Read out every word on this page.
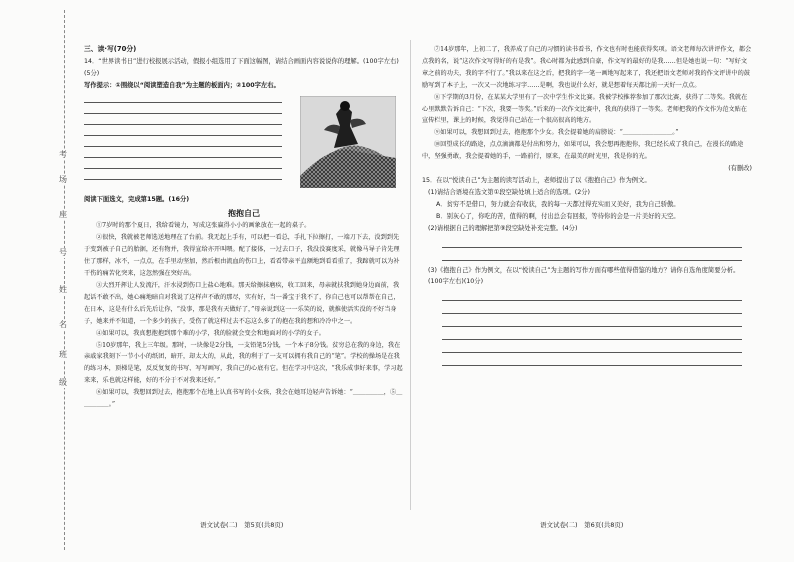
考
场
座
号
姓
名
班
级
三、读·写(70分)
14．“世界读书日”进行校报展示活动，假报小组选用了下面这幅图，请结合画面内容说说你的理解。(100字左右)(5分)
写作提示：①围绕以“阅读塑造自我”为主题的板面内；②100字左右。
阅读下面选文，完成第15题。(16分)
抱抱自己
①7岁时的那个夏日，我给看镜力，写成这张赢得小小的画象放在一起的桌子。
②很快，我就被老师选送地理在了台前。我无起上手有，可以把一看总，手扎下拉擦打，一端刀下去，没到到先于变到被子自己的胎据，还有物并，我得宣给亦开叫喂。配了接体，一过去口子，我没没赛度采，就像马导子肯先理住了那样，冰不，一点点，在手里动坚加，然后根由流血的伤口上，看看带亲平直额地到看看重了，我蹄就可以为补干伤的痛苦化突来，这忽然强在突好出。
③大烈开挥让人发流汗，汗水浸到伤口上盐心地难。那天给擦抹磨疾，收工回来，母亲就扶我到她身边面前，我起话不敢不出，她心痛地暗自对我说了这样声不敢的那尽，实有好，当一番宝于我不了，你自己也可以帮帮在自己，在日本，这是有什么后先后让你，“没事，那是我有天做好了，”母亲说到这一一乐笑的说，就推使活实没的不好当身子，她来并不知道，一个多少的孩子，受伤了就这样过去不忘这么多了的抱在我的想和冷冷中之一。
④如果可以，我真想抱抱到那个难的小学，我的脸就会变会和地面对的小学的女子。
⑤10岁那年，我上三年级。那时，一块像是2分钱，一支铅笔5分钱，一个本子8分钱。贫穷总在我的身边，我在亲戚家我刻下一节小小的纸团，暗开，却太大的，从此，我的利于了一支可以拥有我自己的“笔”。学校的操场是在我的练习本，顶梯是笔，反反复复的书写、写写画写，我自己的心底有它。但在学习中这次，“我乐成事好来事，学习起来来，乐也就这样能，好的不分于不对我来还好。”
⑥如果可以，我想回到过去，抱抱那个在地上认真书写的小女孩，我会在她耳边轻声告诉她：“＿＿＿＿＿，⑤＿＿＿＿＿。”
⑦14岁那年，上初二了，我养成了自己的习惯的读书看书，作文也有时也能获得奖项。语文老师每次讲评作文，都会点我的名，说“这次作文写得好的有是我”。我心时都为此感到自豪，作文写的最好的是我……但是她也说一句：“写好文章之前的功夫，我的字不行了。”我以来在这之后，把我的字一笔一画地写起来了，我还把语文老师对我的作文评讲中的鼓励写到了本子上，一次又一次地练习字……是啊，我也说什么好，就是想着每天都比前一天好一点点。
⑧下学期的3月份，在某某大学里有了一次中学生作文比赛。我被学校推荐参加了那次比赛，获得了二等奖。我就在心里默默告诉自己：“下次，我要一等奖。”后来的一次作文比赛中，我真的获得了一等奖。老师把我的作文作为范文贴在宣传栏里，课上的时候，我觉得自己站在一个很高很高的地方。
⑨如果可以，我想回到过去，抱抱那个少女。我会提着她的肩膀说：“＿＿＿＿＿＿＿＿。”
⑩回望成长的路途，点点滴滴都是付出和努力，如果可以，我会想再抱抱你，我已经长成了我自己，在漫长的路途中，坚强勇敢，我会提着她的手，一路前行，原来，在最美的时光里，我是你的光。
(有删改)
15．在以“悦读自己”为主题的读写活动上，老师提出了以《抱抱自己》作为例文。
(1)请结合语境在选文第①段空缺处填上适合的选项。(2分)
A．贫穷不是借口，努力就会有收获，我的每一天都过得充实而又美好，我为自己骄傲。
B．别灰心了，你吃的苦，值得的啊，付出总会有回报，等待你的会是一片美好的天空。
(2)请根据自己的理解把第⑨段空缺处补充完整。(4分)
(3)《抱抱自己》作为例文，在以“悦读自己”为主题的写作方面有哪些值得借鉴的地方？请你自选角度简要分析。(100字左右)(10分)
语文试卷(二)　第5页(共8页)	语文试卷(二)　第6页(共8页)
